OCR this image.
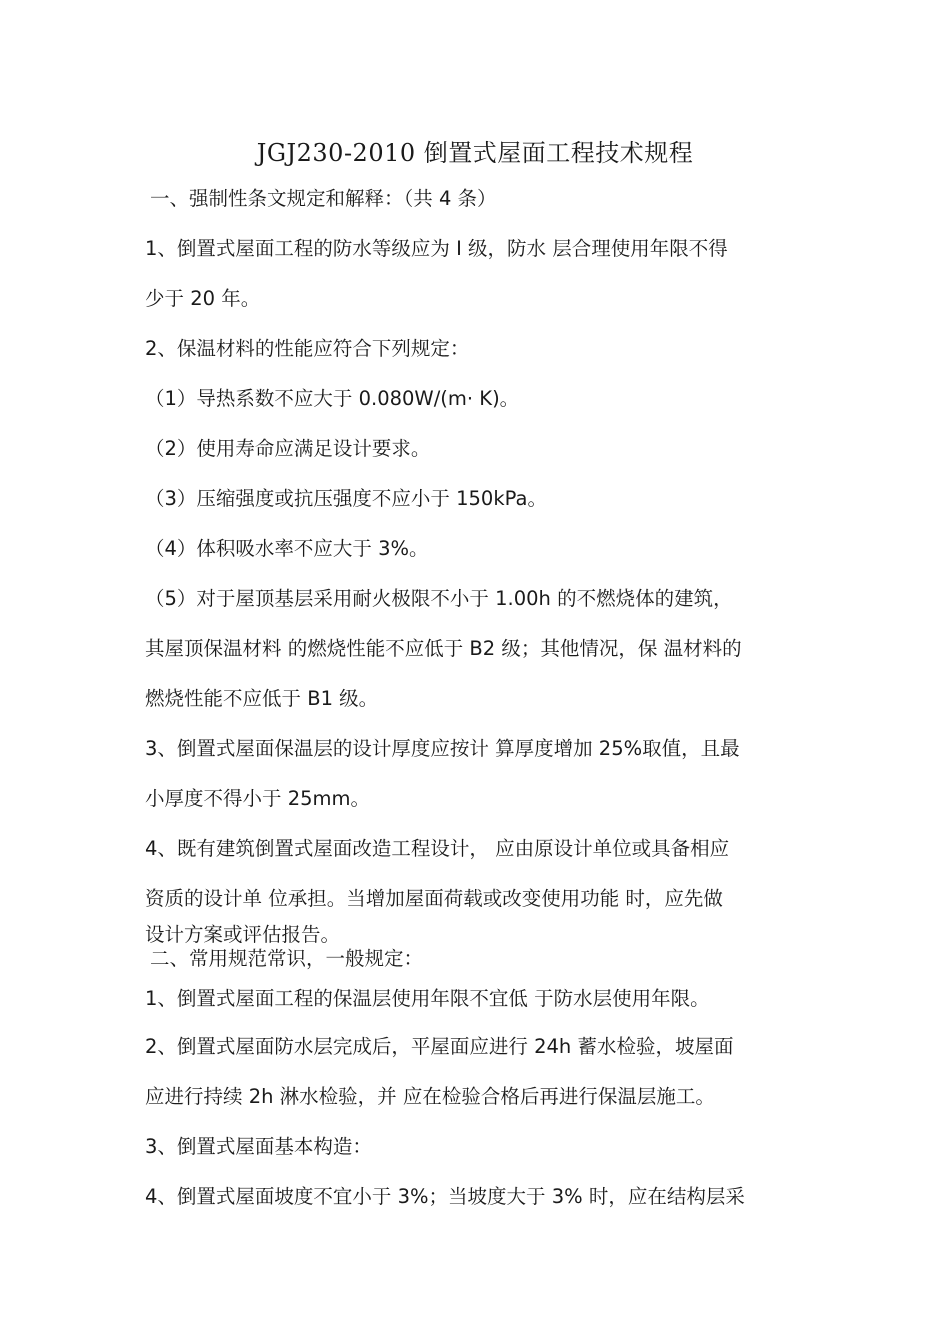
JGJ230-2010 倒置式屋面工程技术规程
一、强制性条文规定和解释：（共 4 条）
1、倒置式屋面工程的防水等级应为 I 级，防水 层合理使用年限不得
少于 20 年。
2、保温材料的性能应符合下列规定：
（1）导热系数不应大于 0.080W/(m· K)。
（2）使用寿命应满足设计要求。
（3）压缩强度或抗压强度不应小于 150kPa。
（4）体积吸水率不应大于 3%。
（5）对于屋顶基层采用耐火极限不小于 1.00h 的不燃烧体的建筑，
其屋顶保温材料 的燃烧性能不应低于 B2 级；其他情况，保 温材料的
燃烧性能不应低于 B1 级。
3、倒置式屋面保温层的设计厚度应按计 算厚度增加 25%取值，且最
小厚度不得小于 25mm。
4、既有建筑倒置式屋面改造工程设计， 应由原设计单位或具备相应
资质的设计单 位承担。当增加屋面荷载或改变使用功能 时，应先做
设计方案或评估报告。
二、常用规范常识，一般规定：
1、倒置式屋面工程的保温层使用年限不宜低 于防水层使用年限。
2、倒置式屋面防水层完成后，平屋面应进行 24h 蓄水检验，坡屋面
应进行持续 2h 淋水检验，并 应在检验合格后再进行保温层施工。
3、倒置式屋面基本构造：
4、倒置式屋面坡度不宜小于 3%；当坡度大于 3% 时，应在结构层采
